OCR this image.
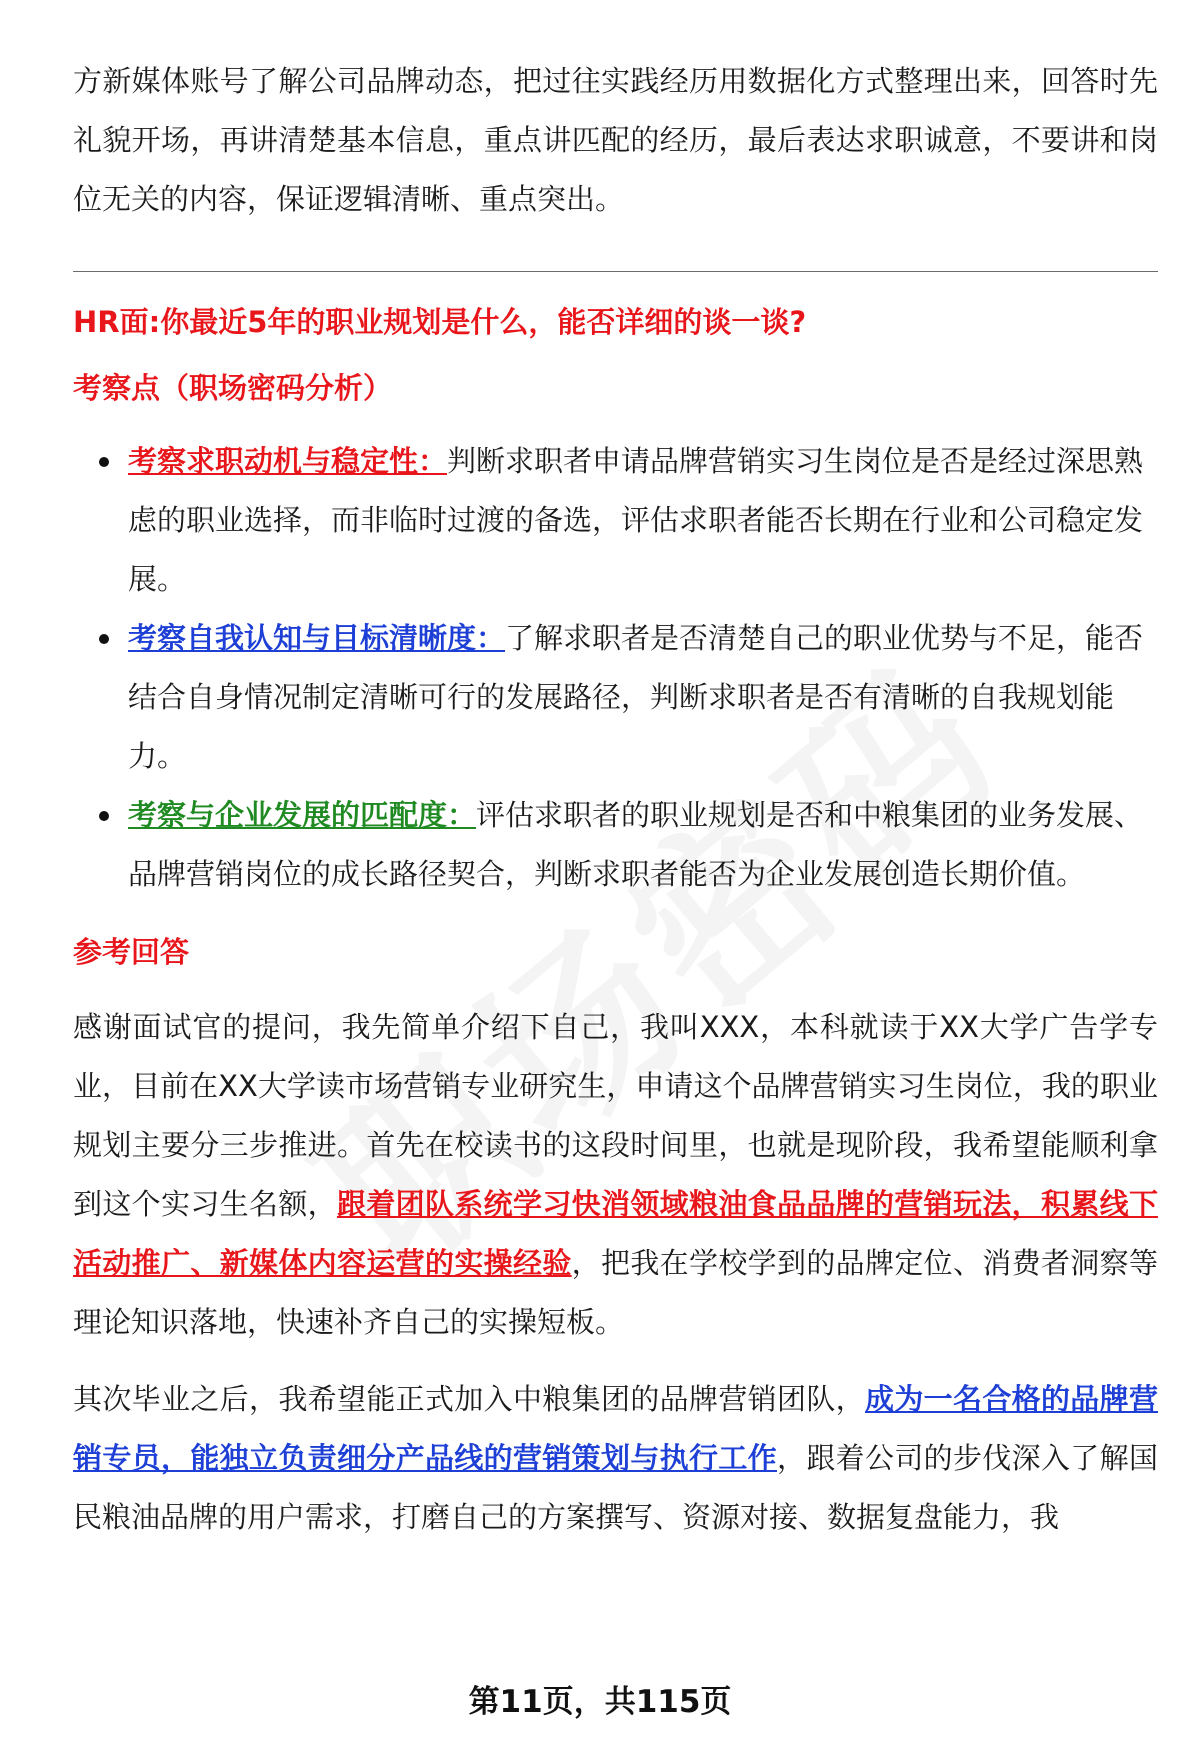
方新媒体账号了解公司品牌动态，把过往实践经历用数据化方式整理出来，回答时先礼貌开场，再讲清楚基本信息，重点讲匹配的经历，最后表达求职诚意，不要讲和岗位无关的内容，保证逻辑清晰、重点突出。

HR面:你最近5年的职业规划是什么，能否详细的谈一谈?
考察点（职场密码分析）
考察求职动机与稳定性：判断求职者申请品牌营销实习生岗位是否是经过深思熟虑的职业选择，而非临时过渡的备选，评估求职者能否长期在行业和公司稳定发展。
考察自我认知与目标清晰度：了解求职者是否清楚自己的职业优势与不足，能否结合自身情况制定清晰可行的发展路径，判断求职者是否有清晰的自我规划能力。
考察与企业发展的匹配度：评估求职者的职业规划是否和中粮集团的业务发展、品牌营销岗位的成长路径契合，判断求职者能否为企业发展创造长期价值。
参考回答

感谢面试官的提问，我先简单介绍下自己，我叫XXX，本科就读于XX大学广告学专业，目前在XX大学读市场营销专业研究生，申请这个品牌营销实习生岗位，我的职业规划主要分三步推进。首先在校读书的这段时间里，也就是现阶段，我希望能顺利拿到这个实习生名额，跟着团队系统学习快消领域粮油食品品牌的营销玩法，积累线下活动推广、新媒体内容运营的实操经验，把我在学校学到的品牌定位、消费者洞察等理论知识落地，快速补齐自己的实操短板。

其次毕业之后，我希望能正式加入中粮集团的品牌营销团队，成为一名合格的品牌营销专员，能独立负责细分产品线的营销策划与执行工作，跟着公司的步伐深入了解国民粮油品牌的用户需求，打磨自己的方案撰写、资源对接、数据复盘能力，我

第11页，共115页
